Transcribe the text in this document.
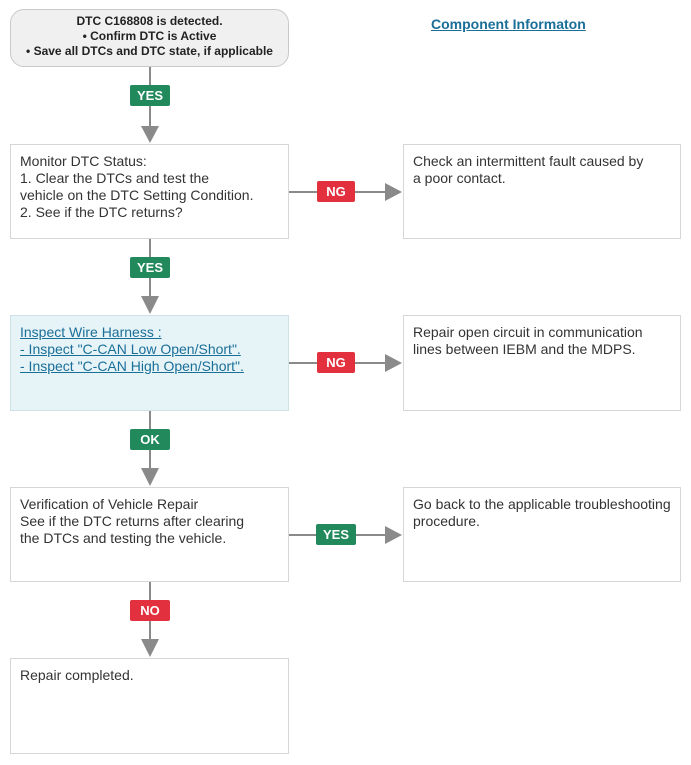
DTC C168808 is detected.
• Confirm DTC is Active
• Save all DTCs and DTC state, if applicable
Component Informaton
YES
YES
OK
NO
NG
NG
YES
Monitor DTC Status:
1. Clear the DTCs and test the
vehicle on the DTC Setting Condition.
2. See if the DTC returns?
Inspect Wire Harness :
- Inspect "C-CAN Low Open/Short".
- Inspect "C-CAN High Open/Short".
Verification of Vehicle Repair
See if the DTC returns after clearing
the DTCs and testing the vehicle.
Repair completed.
Check an intermittent fault caused by
a poor contact.
Repair open circuit in communication
lines between IEBM and the MDPS.
Go back to the applicable troubleshooting
procedure.
